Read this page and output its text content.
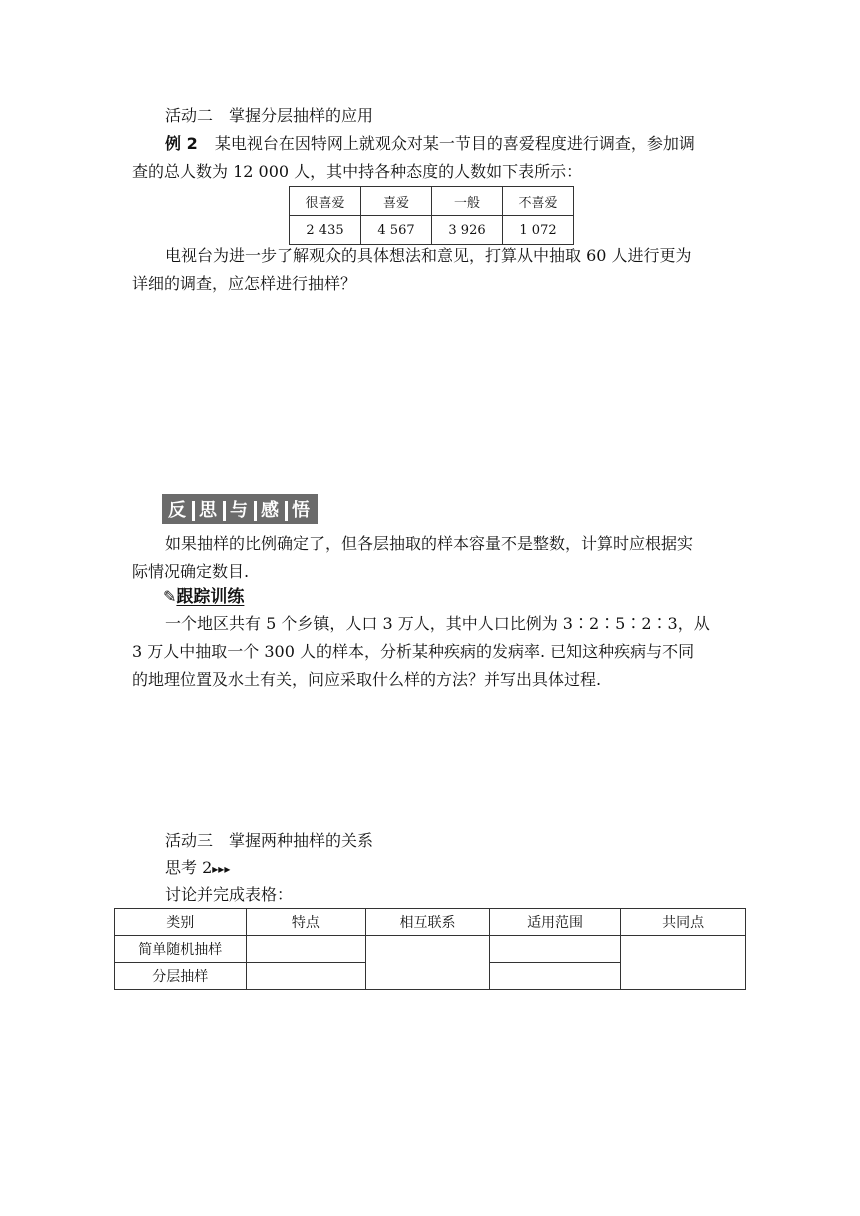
活动二　掌握分层抽样的应用
例 2 某电视台在因特网上就观众对某一节目的喜爱程度进行调查，参加调
查的总人数为 12 000 人，其中持各种态度的人数如下表所示：
很喜爱	喜爱	一般	不喜爱
2 435	4 567	3 926	1 072
电视台为进一步了解观众的具体想法和意见，打算从中抽取 60 人进行更为
详细的调查，应怎样进行抽样？
反 思 与 感 悟
如果抽样的比例确定了，但各层抽取的样本容量不是整数，计算时应根据实
际情况确定数目.
✎跟踪训练
一个地区共有 5 个乡镇，人口 3 万人，其中人口比例为 3∶2∶5∶2∶3，从
3 万人中抽取一个 300 人的样本，分析某种疾病的发病率. 已知这种疾病与不同
的地理位置及水土有关，问应采取什么样的方法？并写出具体过程.
活动三　掌握两种抽样的关系
思考 2▸▸▸
讨论并完成表格：
类别	特点	相互联系	适用范围	共同点
简单随机抽样				
分层抽样				
